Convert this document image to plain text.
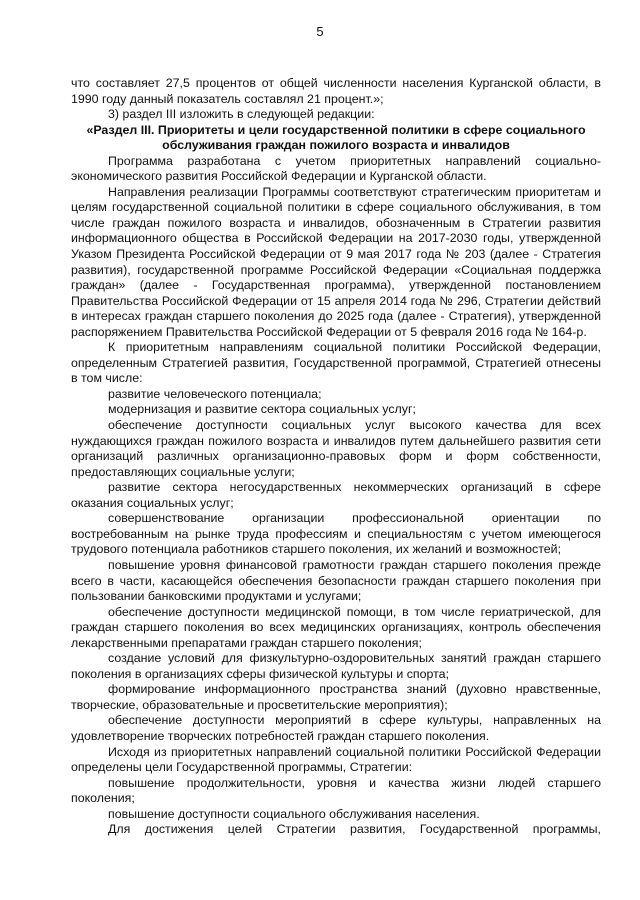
5

что составляет 27,5 процентов от общей численности населения Курганской области, в 1990 году данный показатель составлял 21 процент.»;

3) раздел III изложить в следующей редакции:

«Раздел III. Приоритеты и цели государственной политики в сфере социального обслуживания граждан пожилого возраста и инвалидов

Программа разработана с учетом приоритетных направлений социально-экономического развития Российской Федерации и Курганской области.

Направления реализации Программы соответствуют стратегическим приоритетам и целям государственной социальной политики в сфере социального обслуживания, в том числе граждан пожилого возраста и инвалидов, обозначенным в Стратегии развития информационного общества в Российской Федерации на 2017-2030 годы, утвержденной Указом Президента Российской Федерации от 9 мая 2017 года № 203 (далее - Стратегия развития), государственной программе Российской Федерации «Социальная поддержка граждан» (далее - Государственная программа), утвержденной постановлением Правительства Российской Федерации от 15 апреля 2014 года № 296, Стратегии действий в интересах граждан старшего поколения до 2025 года (далее - Стратегия), утвержденной распоряжением Правительства Российской Федерации от 5 февраля 2016 года № 164-р.

К приоритетным направлениям социальной политики Российской Федерации, определенным Стратегией развития, Государственной программой, Стратегией отнесены в том числе:

развитие человеческого потенциала;

модернизация и развитие сектора социальных услуг;

обеспечение доступности социальных услуг высокого качества для всех нуждающихся граждан пожилого возраста и инвалидов путем дальнейшего развития сети организаций различных организационно-правовых форм и форм собственности, предоставляющих социальные услуги;

развитие сектора негосударственных некоммерческих организаций в сфере оказания социальных услуг;

совершенствование организации профессиональной ориентации по востребованным на рынке труда профессиям и специальностям с учетом имеющегося трудового потенциала работников старшего поколения, их желаний и возможностей;

повышение уровня финансовой грамотности граждан старшего поколения прежде всего в части, касающейся обеспечения безопасности граждан старшего поколения при пользовании банковскими продуктами и услугами;

обеспечение доступности медицинской помощи, в том числе гериатрической, для граждан старшего поколения во всех медицинских организациях, контроль обеспечения лекарственными препаратами граждан старшего поколения;

создание условий для физкультурно-оздоровительных занятий граждан старшего поколения в организациях сферы физической культуры и спорта;

формирование информационного пространства знаний (духовно нравственные, творческие, образовательные и просветительские мероприятия);

обеспечение доступности мероприятий в сфере культуры, направленных на удовлетворение творческих потребностей граждан старшего поколения.

Исходя из приоритетных направлений социальной политики Российской Федерации определены цели Государственной программы, Стратегии:

повышение продолжительности, уровня и качества жизни людей старшего поколения;

повышение доступности социального обслуживания населения.

Для достижения целей Стратегии развития, Государственной программы,
